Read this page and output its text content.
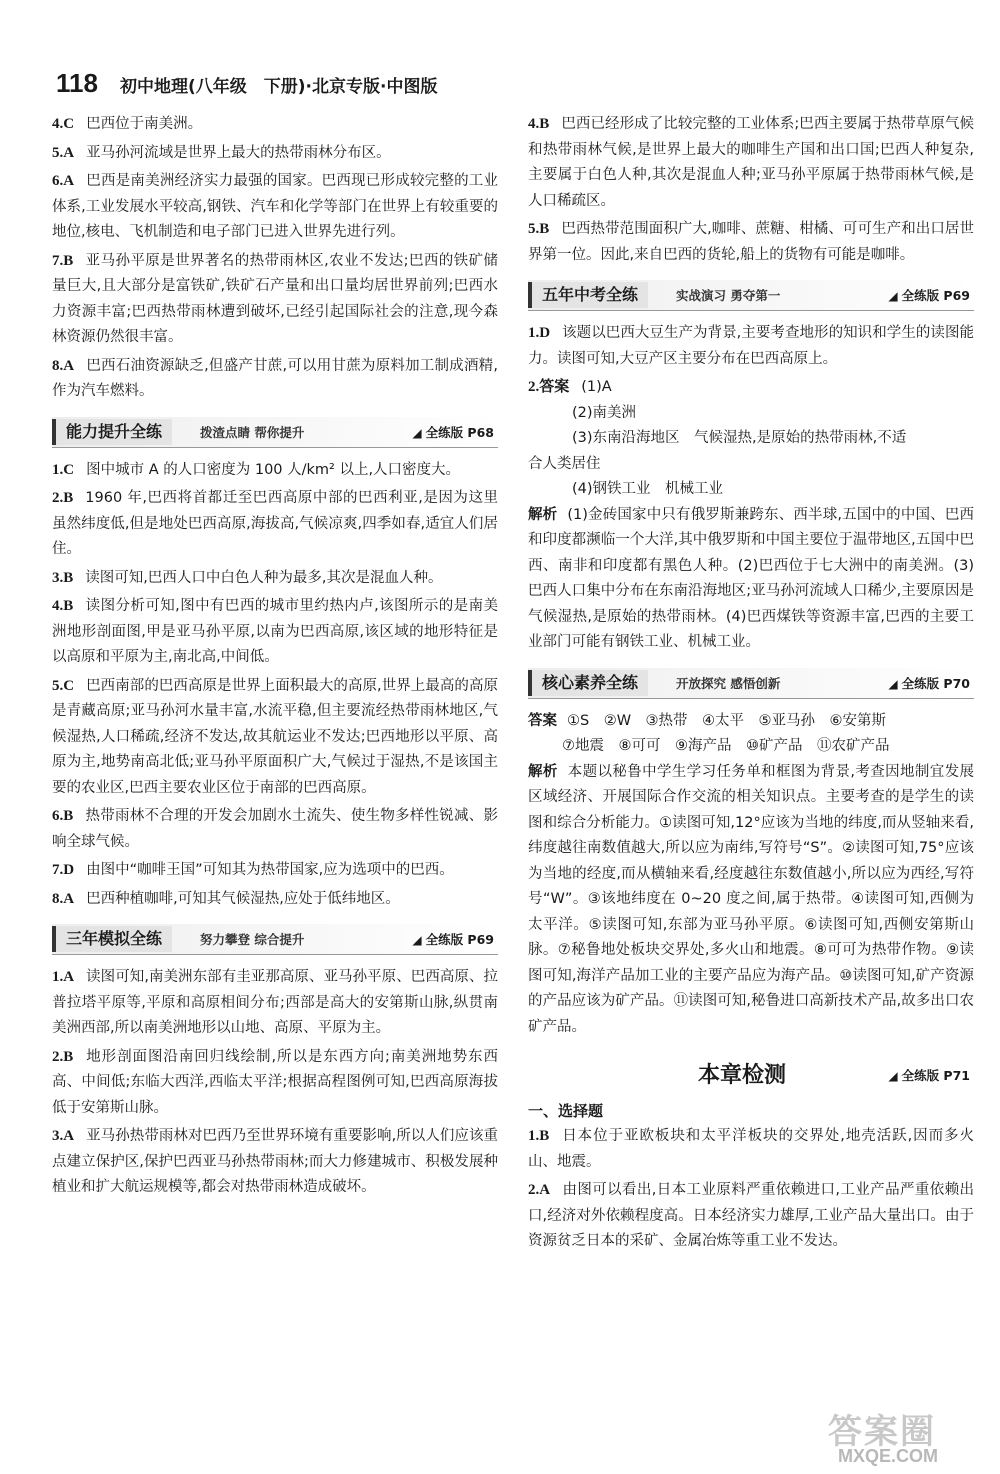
118 初中地理(八年级　下册)·北京专版·中图版
4.C 巴西位于南美洲。
5.A 亚马孙河流域是世界上最大的热带雨林分布区。
6.A 巴西是南美洲经济实力最强的国家。巴西现已形成较完整的工业体系,工业发展水平较高,钢铁、汽车和化学等部门在世界上有较重要的地位,核电、飞机制造和电子部门已进入世界先进行列。
7.B 亚马孙平原是世界著名的热带雨林区,农业不发达;巴西的铁矿储量巨大,且大部分是富铁矿,铁矿石产量和出口量均居世界前列;巴西水力资源丰富;巴西热带雨林遭到破坏,已经引起国际社会的注意,现今森林资源仍然很丰富。
8.A 巴西石油资源缺乏,但盛产甘蔗,可以用甘蔗为原料加工制成酒精,作为汽车燃料。
能力提升全练	拨渣点睛 帮你提升	◢ 全练版 P68
1.C 图中城市 A 的人口密度为 100 人/km² 以上,人口密度大。
2.B 1960 年,巴西将首都迁至巴西高原中部的巴西利亚,是因为这里虽然纬度低,但是地处巴西高原,海拔高,气候凉爽,四季如春,适宜人们居住。
3.B 读图可知,巴西人口中白色人种为最多,其次是混血人种。
4.B 读图分析可知,图中有巴西的城市里约热内卢,该图所示的是南美洲地形剖面图,甲是亚马孙平原,以南为巴西高原,该区域的地形特征是以高原和平原为主,南北高,中间低。
5.C 巴西南部的巴西高原是世界上面积最大的高原,世界上最高的高原是青藏高原;亚马孙河水量丰富,水流平稳,但主要流经热带雨林地区,气候湿热,人口稀疏,经济不发达,故其航运业不发达;巴西地形以平原、高原为主,地势南高北低;亚马孙平原面积广大,气候过于湿热,不是该国主要的农业区,巴西主要农业区位于南部的巴西高原。
6.B 热带雨林不合理的开发会加剧水土流失、使生物多样性锐减、影响全球气候。
7.D 由图中“咖啡王国”可知其为热带国家,应为选项中的巴西。
8.A 巴西种植咖啡,可知其气候湿热,应处于低纬地区。
三年模拟全练	努力攀登 综合提升	◢ 全练版 P69
1.A 读图可知,南美洲东部有圭亚那高原、亚马孙平原、巴西高原、拉普拉塔平原等,平原和高原相间分布;西部是高大的安第斯山脉,纵贯南美洲西部,所以南美洲地形以山地、高原、平原为主。
2.B 地形剖面图沿南回归线绘制,所以是东西方向;南美洲地势东西高、中间低;东临大西洋,西临太平洋;根据高程图例可知,巴西高原海拔低于安第斯山脉。
3.A 亚马孙热带雨林对巴西乃至世界环境有重要影响,所以人们应该重点建立保护区,保护巴西亚马孙热带雨林;而大力修建城市、积极发展种植业和扩大航运规模等,都会对热带雨林造成破坏。
4.B 巴西已经形成了比较完整的工业体系;巴西主要属于热带草原气候和热带雨林气候,是世界上最大的咖啡生产国和出口国;巴西人种复杂,主要属于白色人种,其次是混血人种;亚马孙平原属于热带雨林气候,是人口稀疏区。
5.B 巴西热带范围面积广大,咖啡、蔗糖、柑橘、可可生产和出口居世界第一位。因此,来自巴西的货轮,船上的货物有可能是咖啡。
五年中考全练	实战演习 勇夺第一	◢ 全练版 P69
1.D 该题以巴西大豆生产为背景,主要考查地形的知识和学生的读图能力。读图可知,大豆产区主要分布在巴西高原上。
2.答案 (1)A
(2)南美洲
(3)东南沿海地区　气候湿热,是原始的热带雨林,不适
合人类居住
(4)钢铁工业　机械工业
解析 (1)金砖国家中只有俄罗斯兼跨东、西半球,五国中的中国、巴西和印度都濒临一个大洋,其中俄罗斯和中国主要位于温带地区,五国中巴西、南非和印度都有黑色人种。(2)巴西位于七大洲中的南美洲。(3)巴西人口集中分布在东南沿海地区;亚马孙河流域人口稀少,主要原因是气候湿热,是原始的热带雨林。(4)巴西煤铁等资源丰富,巴西的主要工业部门可能有钢铁工业、机械工业。
核心素养全练	开放探究 感悟创新	◢ 全练版 P70
答案 ①S　②W　③热带　④太平　⑤亚马孙　⑥安第斯
⑦地震　⑧可可　⑨海产品　⑩矿产品　⑪农矿产品
解析 本题以秘鲁中学生学习任务单和框图为背景,考查因地制宜发展区域经济、开展国际合作交流的相关知识点。主要考查的是学生的读图和综合分析能力。①读图可知,12°应该为当地的纬度,而从竖轴来看,纬度越往南数值越大,所以应为南纬,写符号“S”。②读图可知,75°应该为当地的经度,而从横轴来看,经度越往东数值越小,所以应为西经,写符号“W”。③该地纬度在 0~20 度之间,属于热带。④读图可知,西侧为太平洋。⑤读图可知,东部为亚马孙平原。⑥读图可知,西侧安第斯山脉。⑦秘鲁地处板块交界处,多火山和地震。⑧可可为热带作物。⑨读图可知,海洋产品加工业的主要产品应为海产品。⑩读图可知,矿产资源的产品应该为矿产品。⑪读图可知,秘鲁进口高新技术产品,故多出口农矿产品。
本章检测	◢ 全练版 P71
一、选择题
1.B 日本位于亚欧板块和太平洋板块的交界处,地壳活跃,因而多火山、地震。
2.A 由图可以看出,日本工业原料严重依赖进口,工业产品严重依赖出口,经济对外依赖程度高。日本经济实力雄厚,工业产品大量出口。由于资源贫乏日本的采矿、金属冶炼等重工业不发达。
答案圈
MXQE.COM
